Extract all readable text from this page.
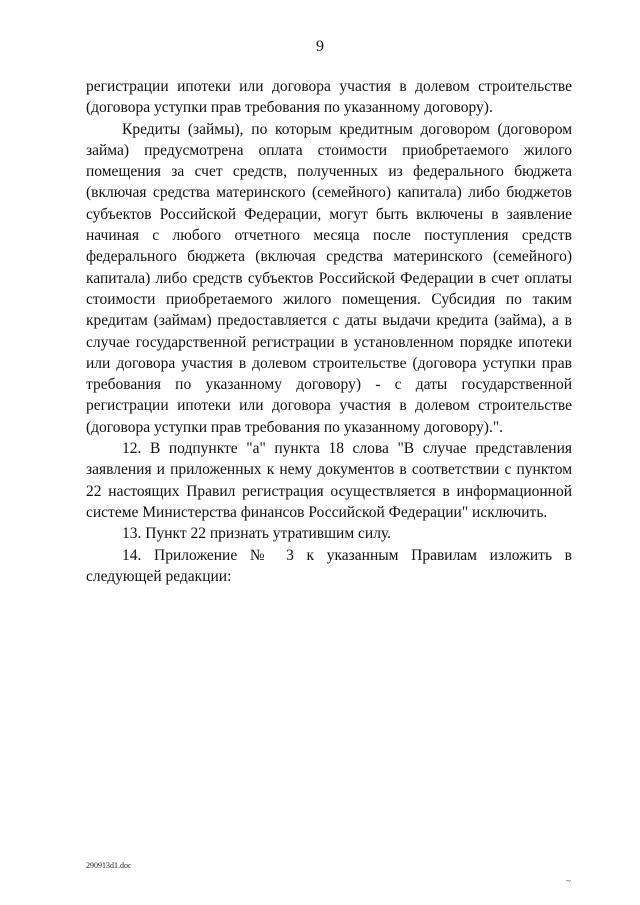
9

регистрации ипотеки или договора участия в долевом строительстве (договора уступки прав требования по указанному договору).

Кредиты (займы), по которым кредитным договором (договором займа) предусмотрена оплата стоимости приобретаемого жилого помещения за счет средств, полученных из федерального бюджета (включая средства материнского (семейного) капитала) либо бюджетов субъектов Российской Федерации, могут быть включены в заявление начиная с любого отчетного месяца после поступления средств федерального бюджета (включая средства материнского (семейного) капитала) либо средств субъектов Российской Федерации в счет оплаты стоимости приобретаемого жилого помещения. Субсидия по таким кредитам (займам) предоставляется с даты выдачи кредита (займа), а в случае государственной регистрации в установленном порядке ипотеки или договора участия в долевом строительстве (договора уступки прав требования по указанному договору) - с даты государственной регистрации ипотеки или договора участия в долевом строительстве (договора уступки прав требования по указанному договору).".

12. В подпункте "а" пункта 18 слова "В случае представления заявления и приложенных к нему документов в соответствии с пунктом 22 настоящих Правил регистрация осуществляется в информационной системе Министерства финансов Российской Федерации" исключить.

13. Пункт 22 признать утратившим силу.

14. Приложение № 3 к указанным Правилам изложить в следующей редакции:

290913d1.doc
~
